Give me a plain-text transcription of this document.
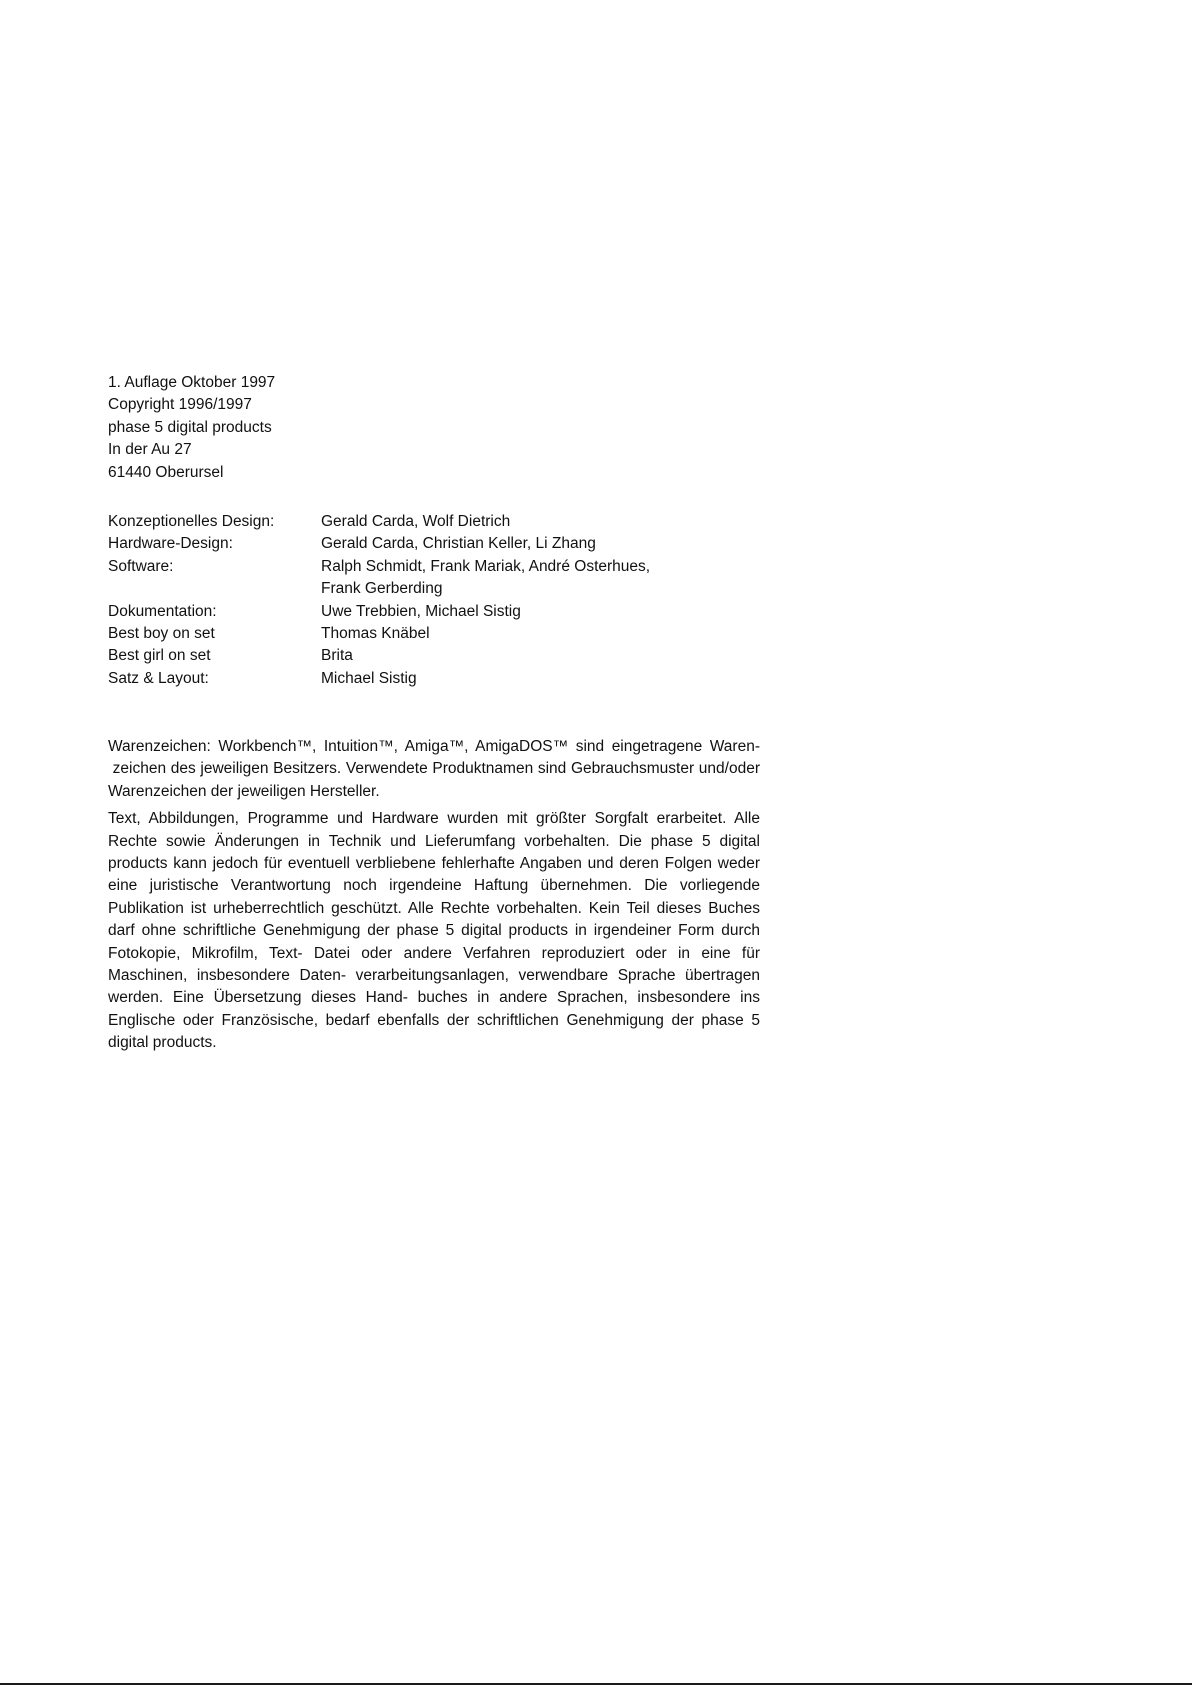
1. Auflage Oktober 1997
Copyright 1996/1997
phase 5 digital products
In der Au 27
61440 Oberursel
Konzeptionelles Design:	Gerald Carda, Wolf Dietrich
Hardware-Design:	Gerald Carda, Christian Keller, Li Zhang
Software:	Ralph Schmidt, Frank Mariak, André Osterhues,
Frank Gerberding
Dokumentation:	Uwe Trebbien, Michael Sistig
Best boy on set	Thomas Knäbel
Best girl on set	Brita
Satz & Layout:	Michael Sistig

Warenzeichen: Workbench™, Intuition™, Amiga™, AmigaDOS™ sind eingetragene Waren- zeichen des jeweiligen Besitzers. Verwendete Produktnamen sind Gebrauchsmuster und/oder Warenzeichen der jeweiligen Hersteller.

Text, Abbildungen, Programme und Hardware wurden mit größter Sorgfalt erarbeitet. Alle Rechte sowie Änderungen in Technik und Lieferumfang vorbehalten. Die phase 5 digital products kann jedoch für eventuell verbliebene fehlerhafte Angaben und deren Folgen weder eine juristische Verantwortung noch irgendeine Haftung übernehmen. Die vorliegende Publikation ist urheberrechtlich geschützt. Alle Rechte vorbehalten. Kein Teil dieses Buches darf ohne schriftliche Genehmigung der phase 5 digital products in irgendeiner Form durch Fotokopie, Mikrofilm, Text- Datei oder andere Verfahren reproduziert oder in eine für Maschinen, insbesondere Daten- verarbeitungsanlagen, verwendbare Sprache übertragen werden. Eine Übersetzung dieses Hand- buches in andere Sprachen, insbesondere ins Englische oder Französische, bedarf ebenfalls der schriftlichen Genehmigung der phase 5 digital products.
